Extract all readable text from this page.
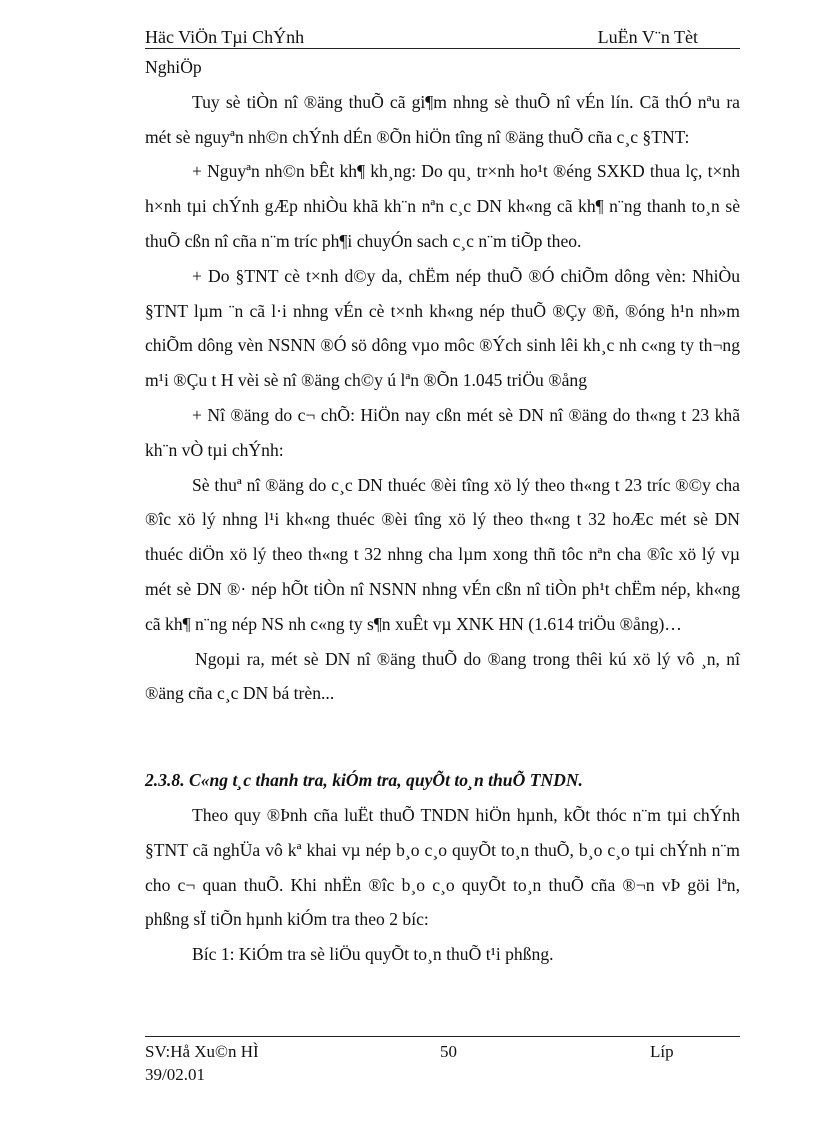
Häc ViÖn Tµi ChÝnh	LuËn V¨n Tèt

NghiÖp

Tuy sè tiÒn nî ®äng thuÕ cã gi¶m nhng sè thuÕ nî vÉn lín. Cã thÓ nªu ra mét sè nguyªn nh©n chÝnh dÉn ®Õn hiÖn tîng nî ®äng thuÕ cña c¸c §TNT:

+ Nguyªn nh©n bÊt kh¶ kh¸ng: Do qu¸ tr×nh ho¹t ®éng SXKD thua lç, t×nh h×nh tµi chÝnh gÆp nhiÒu khã kh¨n nªn c¸c DN kh«ng cã kh¶ n¨ng thanh to¸n sè thuÕ cßn nî cña n¨m tríc ph¶i chuyÓn sach c¸c n¨m tiÕp theo.

+ Do §TNT cè t×nh d©y da, chËm nép thuÕ ®Ó chiÕm dông vèn: NhiÒu §TNT lµm ¨n cã l·i nhng vÉn cè t×nh kh«ng nép thuÕ ®Çy ®ñ, ®óng h¹n nh»m chiÕm dông vèn NSNN ®Ó sö dông vµo môc ®Ých sinh lêi kh¸c nh c«ng ty th¬ng m¹i ®Çu t H vèi sè nî ®äng ch©y ú lªn ®Õn 1.045 triÖu ®ång

+ Nî ®äng do c¬ chÕ: HiÖn nay cßn mét sè DN nî ®äng do th«ng t 23 khã kh¨n vÒ tµi chÝnh:

Sè thuª nî ®äng do c¸c DN thuéc ®èi tîng xö lý theo th«ng t 23 tríc ®©y cha ®îc xö lý nhng l¹i kh«ng thuéc ®èi tîng xö lý theo th«ng t 32 hoÆc mét sè DN thuéc diÖn xö lý theo th«ng t 32 nhng cha lµm xong thñ tôc nªn cha ®îc xö lý vµ mét sè DN ®· nép hÕt tiÒn nî NSNN nhng vÉn cßn nî tiÒn ph¹t chËm nép, kh«ng cã kh¶ n¨ng nép NS nh c«ng ty s¶n xuÊt vµ XNK HN (1.614 triÖu ®ång)…

Ngoµi ra, mét sè DN nî ®äng thuÕ do ®ang trong thêi kú xö lý vô ¸n, nî ®äng cña c¸c DN bá trèn...

2.3.8. C«ng t¸c thanh tra, kiÓm tra, quyÕt to¸n thuÕ TNDN.

Theo quy ®Þnh cña luËt thuÕ TNDN hiÖn hµnh, kÕt thóc n¨m tµi chÝnh §TNT cã nghÜa vô kª khai vµ nép b¸o c¸o quyÕt to¸n thuÕ, b¸o c¸o tµi chÝnh n¨m cho c¬ quan thuÕ. Khi nhËn ®îc b¸o c¸o quyÕt to¸n thuÕ cña ®¬n vÞ göi lªn, phßng sÏ tiÕn hµnh kiÓm tra theo 2 bíc:

Bíc 1: KiÓm tra sè liÖu quyÕt to¸n thuÕ t¹i phßng.

SV:Hå Xu©n HÌ
39/02.01
50	Líp
